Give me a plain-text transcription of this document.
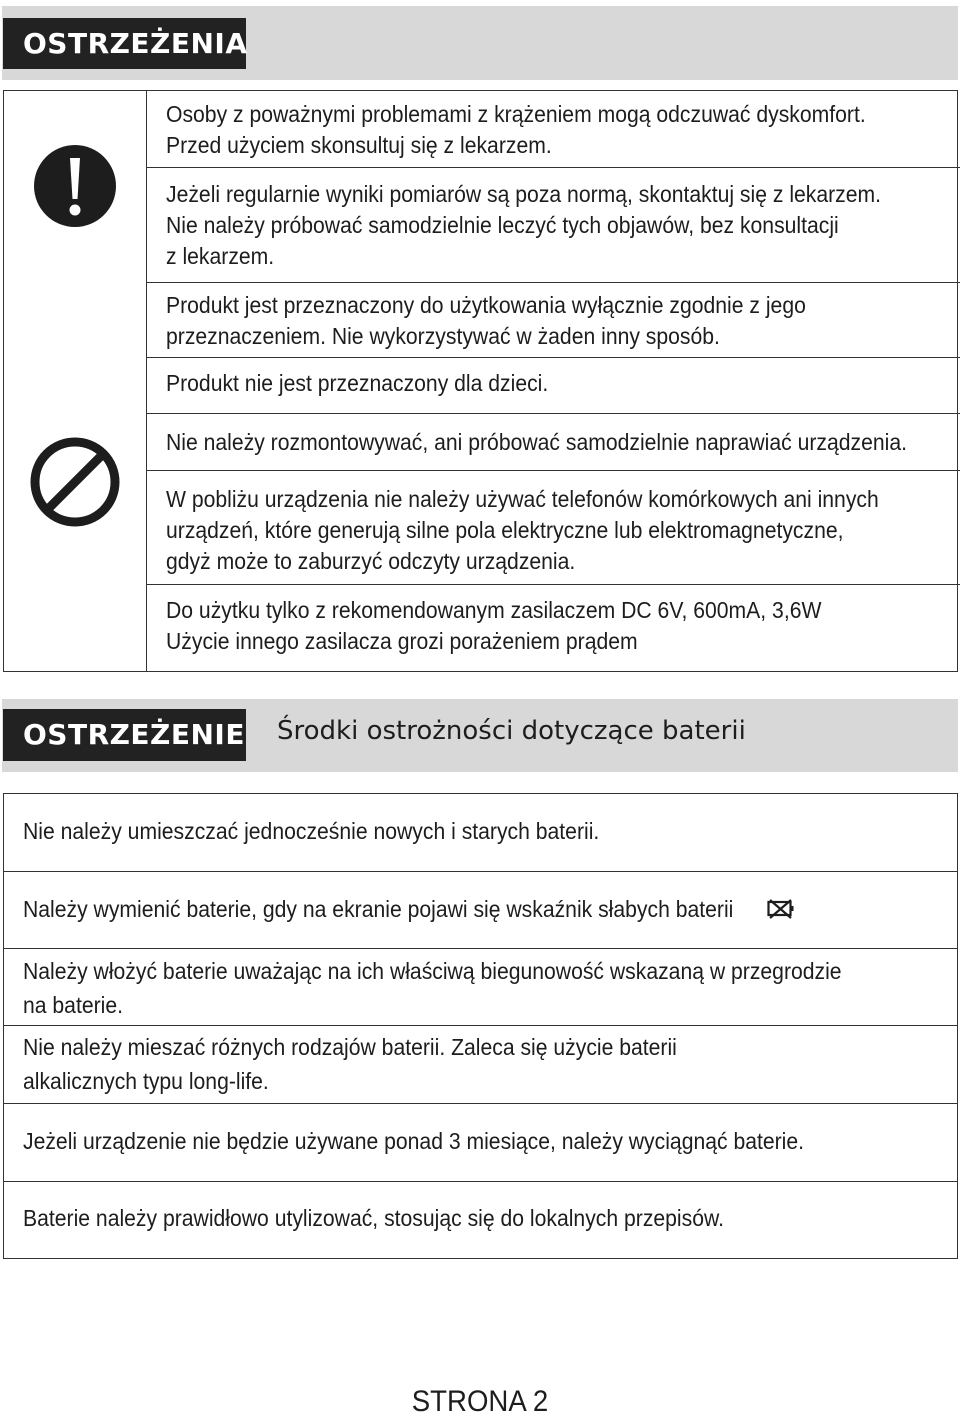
OSTRZEŻENIA
Osoby z poważnymi problemami z krążeniem mogą odczuwać dyskomfort.
Przed użyciem skonsultuj się z lekarzem.
Jeżeli regularnie wyniki pomiarów są poza normą, skontaktuj się z lekarzem.
Nie należy próbować samodzielnie leczyć tych objawów, bez konsultacji
z lekarzem.
Produkt jest przeznaczony do użytkowania wyłącznie zgodnie z jego
przeznaczeniem. Nie wykorzystywać w żaden inny sposób.
Produkt nie jest przeznaczony dla dzieci.
Nie należy rozmontowywać, ani próbować samodzielnie naprawiać urządzenia.
W pobliżu urządzenia nie należy używać telefonów komórkowych ani innych
urządzeń, które generują silne pola elektryczne lub elektromagnetyczne,
gdyż może to zaburzyć odczyty urządzenia.
Do użytku tylko z rekomendowanym zasilaczem DC 6V, 600mA, 3,6W
Użycie innego zasilacza grozi porażeniem prądem
OSTRZEŻENIE Środki ostrożności dotyczące baterii
Nie należy umieszczać jednocześnie nowych i starych baterii.
Należy wymienić baterie, gdy na ekranie pojawi się wskaźnik słabych baterii
Należy włożyć baterie uważając na ich właściwą biegunowość wskazaną w przegrodzie
na baterie.
Nie należy mieszać różnych rodzajów baterii. Zaleca się użycie baterii
alkalicznych typu long-life.
Jeżeli urządzenie nie będzie używane ponad 3 miesiące, należy wyciągnąć baterie.
Baterie należy prawidłowo utylizować, stosując się do lokalnych przepisów.
STRONA 2
